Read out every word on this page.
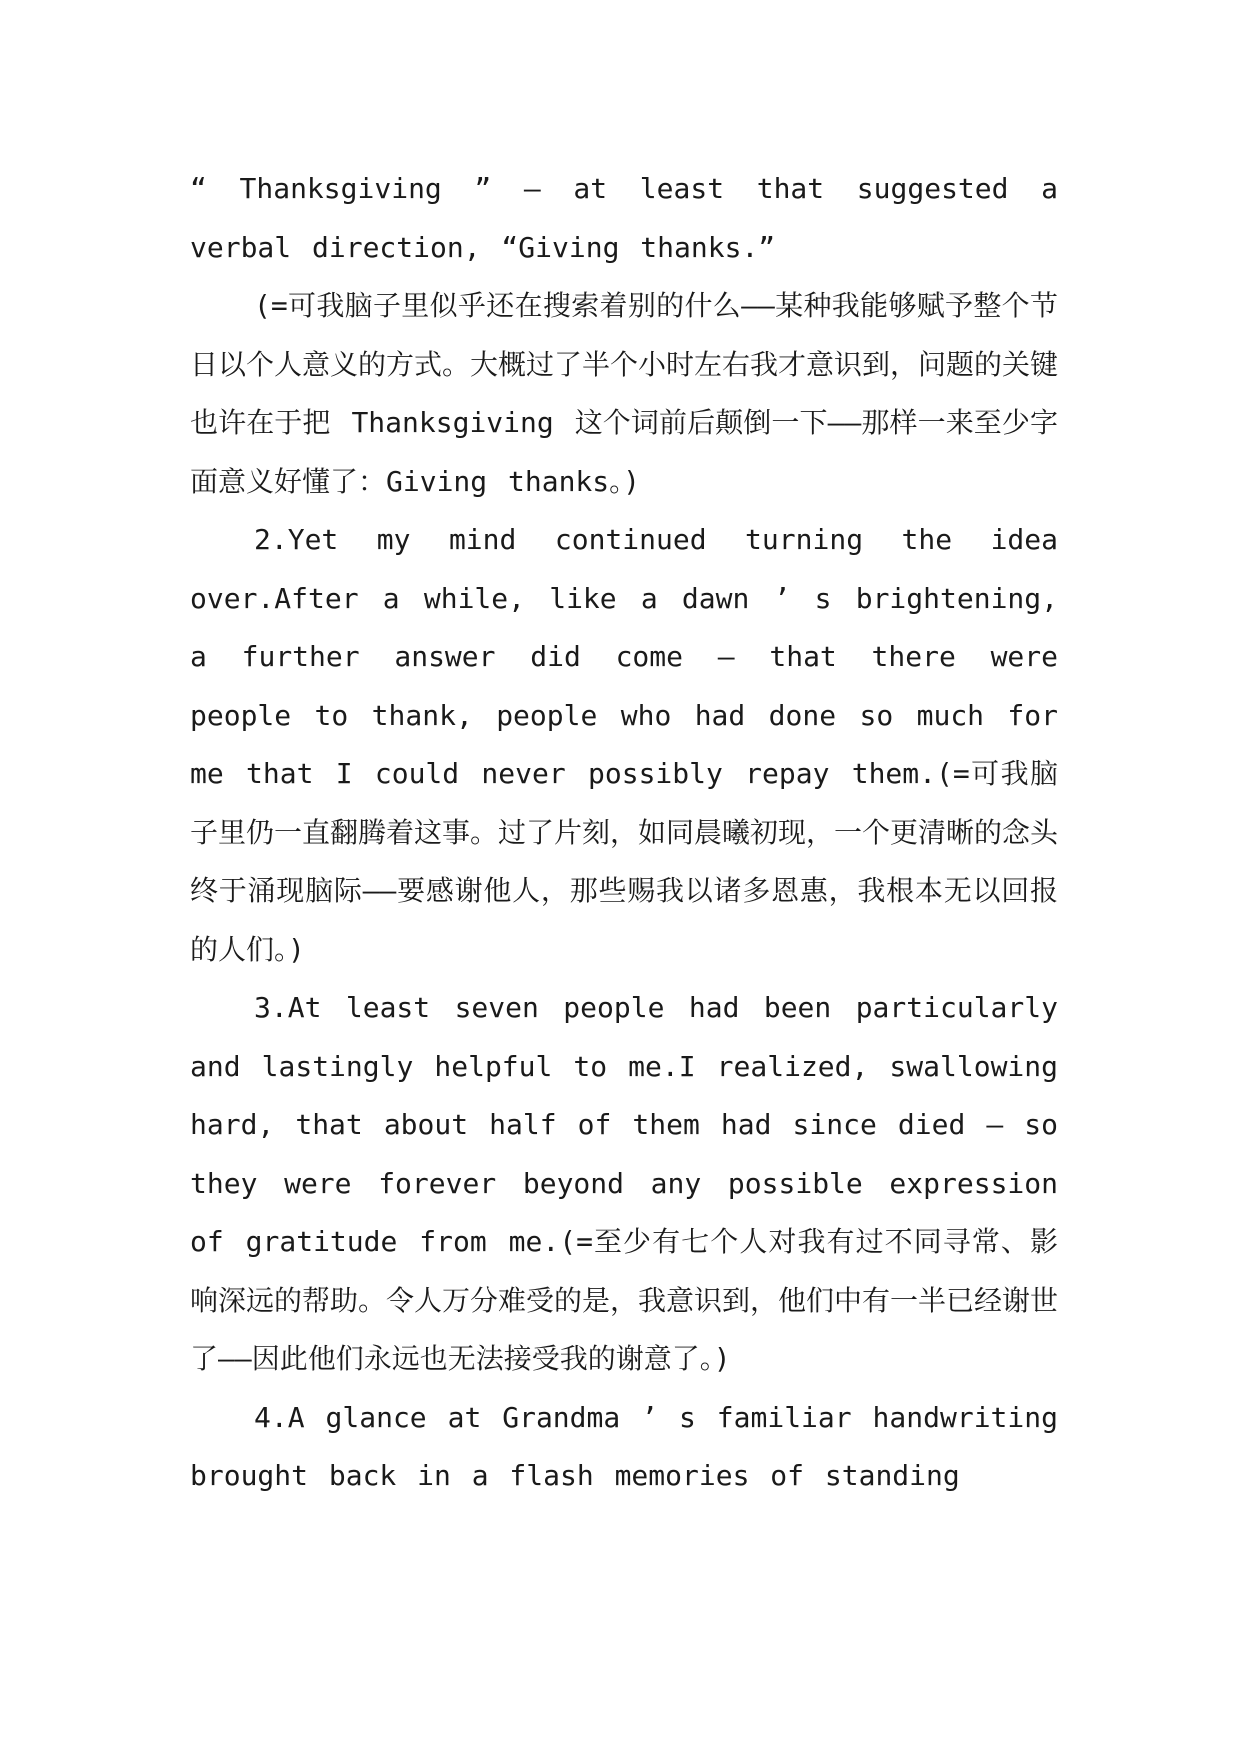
“ Thanksgiving ” — at least that suggested a verbal direction, “Giving thanks.”

(=可我脑子里似乎还在搜索着别的什么——某种我能够赋予整个节日以个人意义的方式。大概过了半个小时左右我才意识到，问题的关键也许在于把 Thanksgiving 这个词前后颠倒一下——那样一来至少字面意义好懂了：Giving thanks。)

2.Yet my mind continued turning the idea over.After a while, like a dawn ’ s brightening, a further answer did come — that there were people to thank, people who had done so much for me that I could never possibly repay them.(=可我脑子里仍一直翻腾着这事。过了片刻，如同晨曦初现，一个更清晰的念头终于涌现脑际——要感谢他人，那些赐我以诸多恩惠，我根本无以回报的人们。)

3.At least seven people had been particularly and lastingly helpful to me.I realized, swallowing hard, that about half of them had since died — so they were forever beyond any possible expression of gratitude from me.(=至少有七个人对我有过不同寻常、影响深远的帮助。令人万分难受的是，我意识到，他们中有一半已经谢世了——因此他们永远也无法接受我的谢意了。)

4.A glance at Grandma ’ s familiar handwriting brought back in a flash memories of standing
